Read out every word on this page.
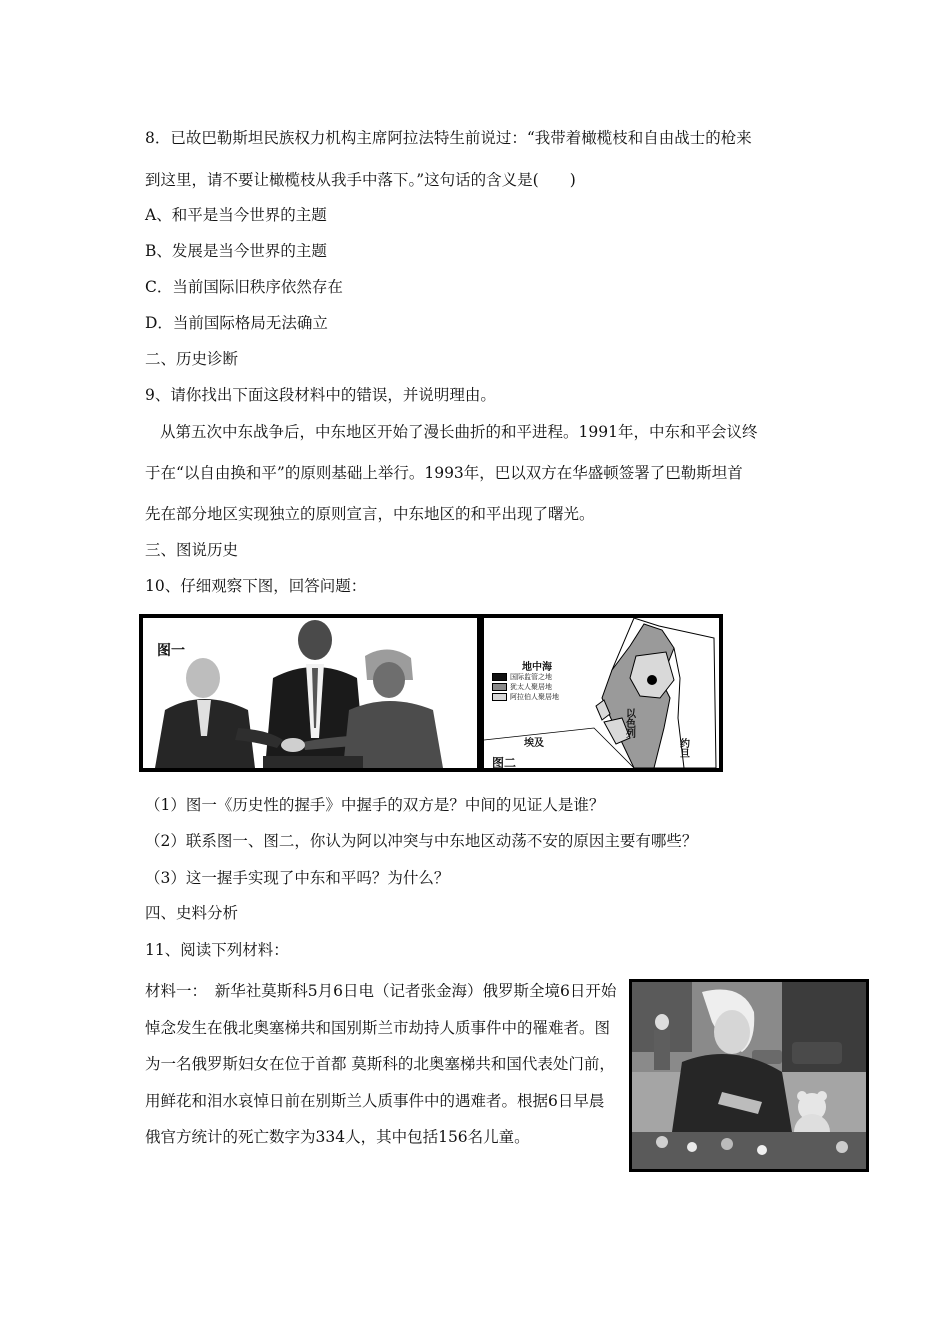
8．已故巴勒斯坦民族权力机构主席阿拉法特生前说过：“我带着橄榄枝和自由战士的枪来
到这里，请不要让橄榄枝从我手中落下。”这句话的含义是(　　)
A、和平是当今世界的主题
B、发展是当今世界的主题
C．当前国际旧秩序依然存在
D．当前国际格局无法确立
二、历史诊断
9、请你找出下面这段材料中的错误，并说明理由。
从第五次中东战争后，中东地区开始了漫长曲折的和平进程。1991年，中东和平会议终
于在“以自由换和平”的原则基础上举行。1993年，巴以双方在华盛顿签署了巴勒斯坦首
先在部分地区实现独立的原则宣言，中东地区的和平出现了曙光。
三、图说历史
10、仔细观察下图，回答问题：
图一
地中海
国际监管之地
犹太人聚居地
阿拉伯人聚居地
埃及
以
色
列
约
旦
图二
（1）图一《历史性的握手》中握手的双方是？中间的见证人是谁？
（2）联系图一、图二，你认为阿以冲突与中东地区动荡不安的原因主要有哪些？
（3）这一握手实现了中东和平吗？为什么？
四、史料分析
11、阅读下列材料：
材料一：　新华社莫斯科5月6日电（记者张金海）俄罗斯全境6日开始悼念发生在俄北奥塞梯共和国别斯兰市劫持人质事件中的罹难者。图为一名俄罗斯妇女在位于首都 莫斯科的北奥塞梯共和国代表处门前，用鲜花和泪水哀悼日前在别斯兰人质事件中的遇难者。根据6日早晨俄官方统计的死亡数字为334人，其中包括156名儿童。
